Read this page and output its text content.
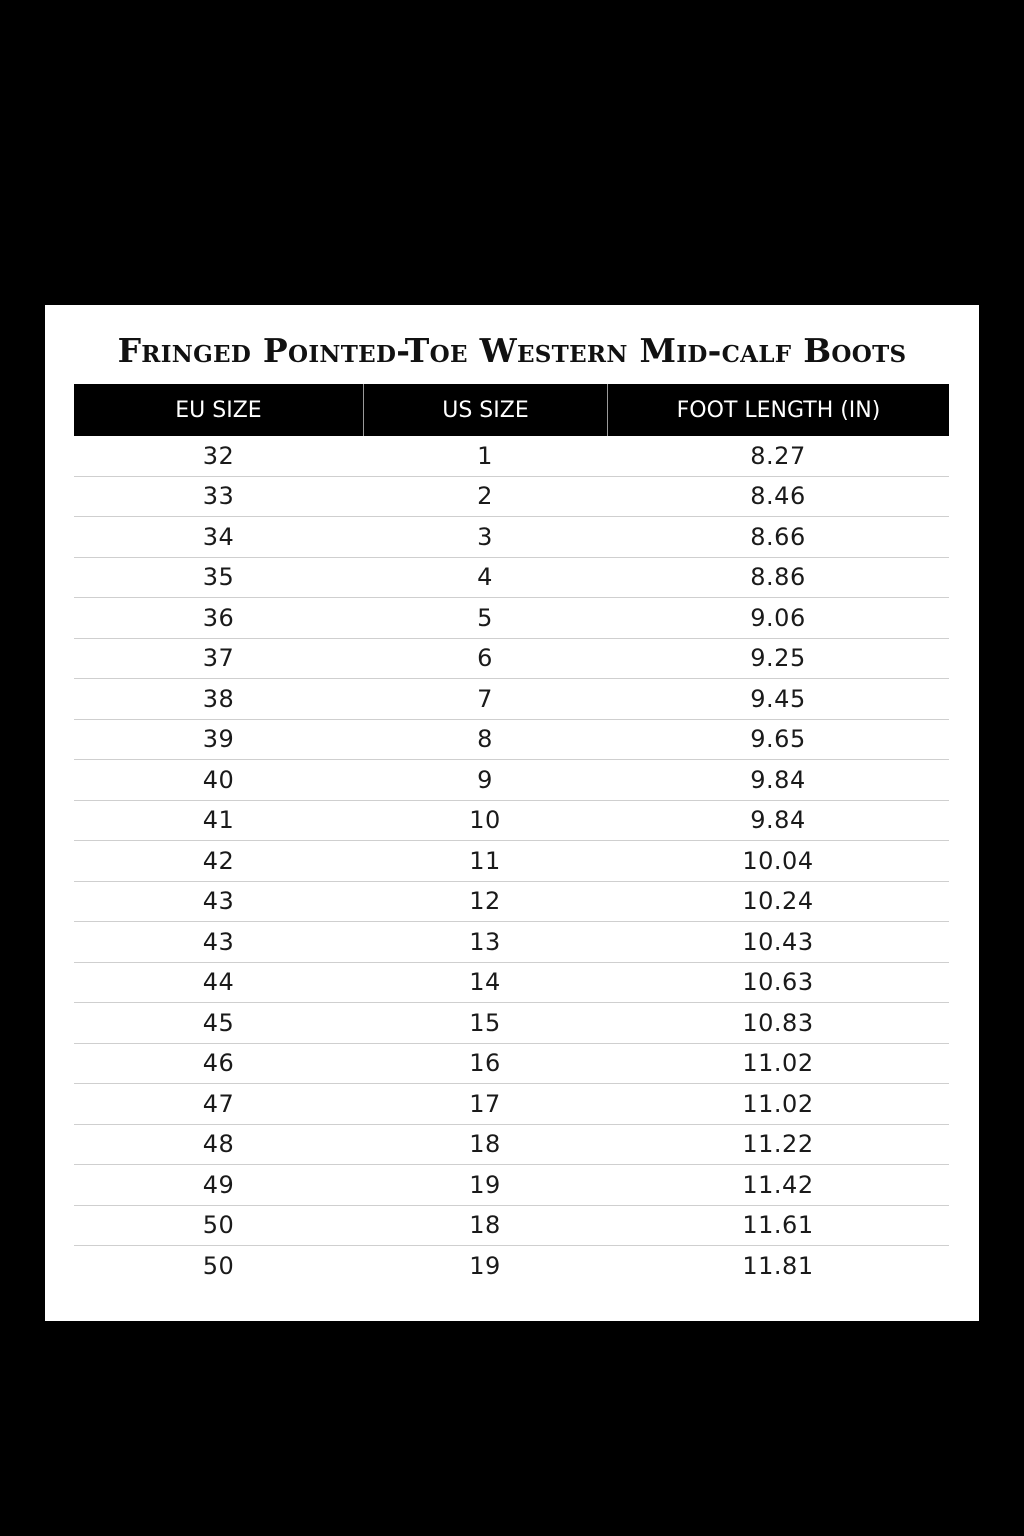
Fringed Pointed-Toe Western Mid-calf Boots
EU SIZE	US SIZE	FOOT LENGTH (IN)
32	1	8.27
33	2	8.46
34	3	8.66
35	4	8.86
36	5	9.06
37	6	9.25
38	7	9.45
39	8	9.65
40	9	9.84
41	10	9.84
42	11	10.04
43	12	10.24
43	13	10.43
44	14	10.63
45	15	10.83
46	16	11.02
47	17	11.02
48	18	11.22
49	19	11.42
50	18	11.61
50	19	11.81
